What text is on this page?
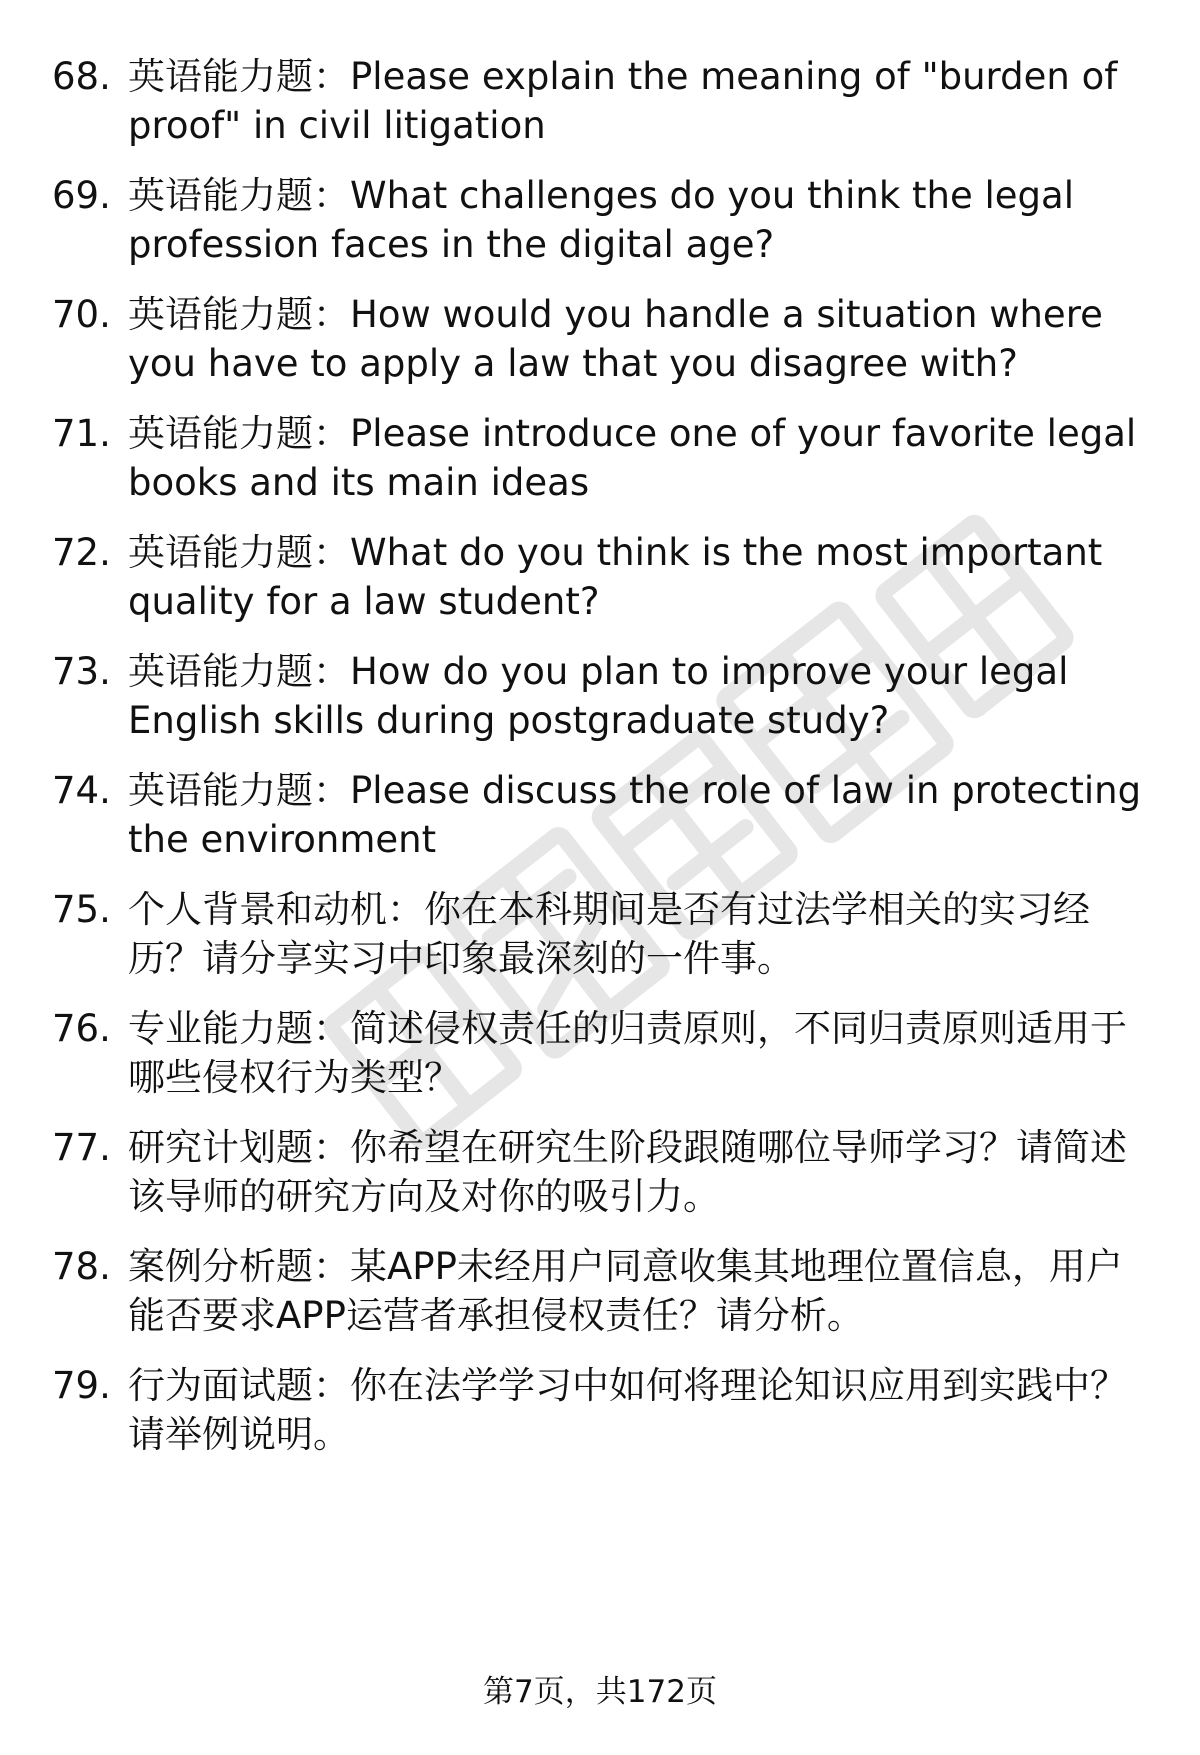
68. 英语能力题：Please explain the meaning of "burden of proof" in civil litigation
69. 英语能力题：What challenges do you think the legal profession faces in the digital age?
70. 英语能力题：How would you handle a situation where you have to apply a law that you disagree with?
71. 英语能力题：Please introduce one of your favorite legal books and its main ideas
72. 英语能力题：What do you think is the most important quality for a law student?
73. 英语能力题：How do you plan to improve your legal English skills during postgraduate study?
74. 英语能力题：Please discuss the role of law in protecting the environment
75. 个人背景和动机：你在本科期间是否有过法学相关的实习经历？请分享实习中印象最深刻的一件事。
76. 专业能力题：简述侵权责任的归责原则，不同归责原则适用于哪些侵权行为类型？
77. 研究计划题：你希望在研究生阶段跟随哪位导师学习？请简述该导师的研究方向及对你的吸引力。
78. 案例分析题：某APP未经用户同意收集其地理位置信息，用户能否要求APP运营者承担侵权责任？请分析。
79. 行为面试题：你在法学学习中如何将理论知识应用到实践中？请举例说明。
第7页，共172页
